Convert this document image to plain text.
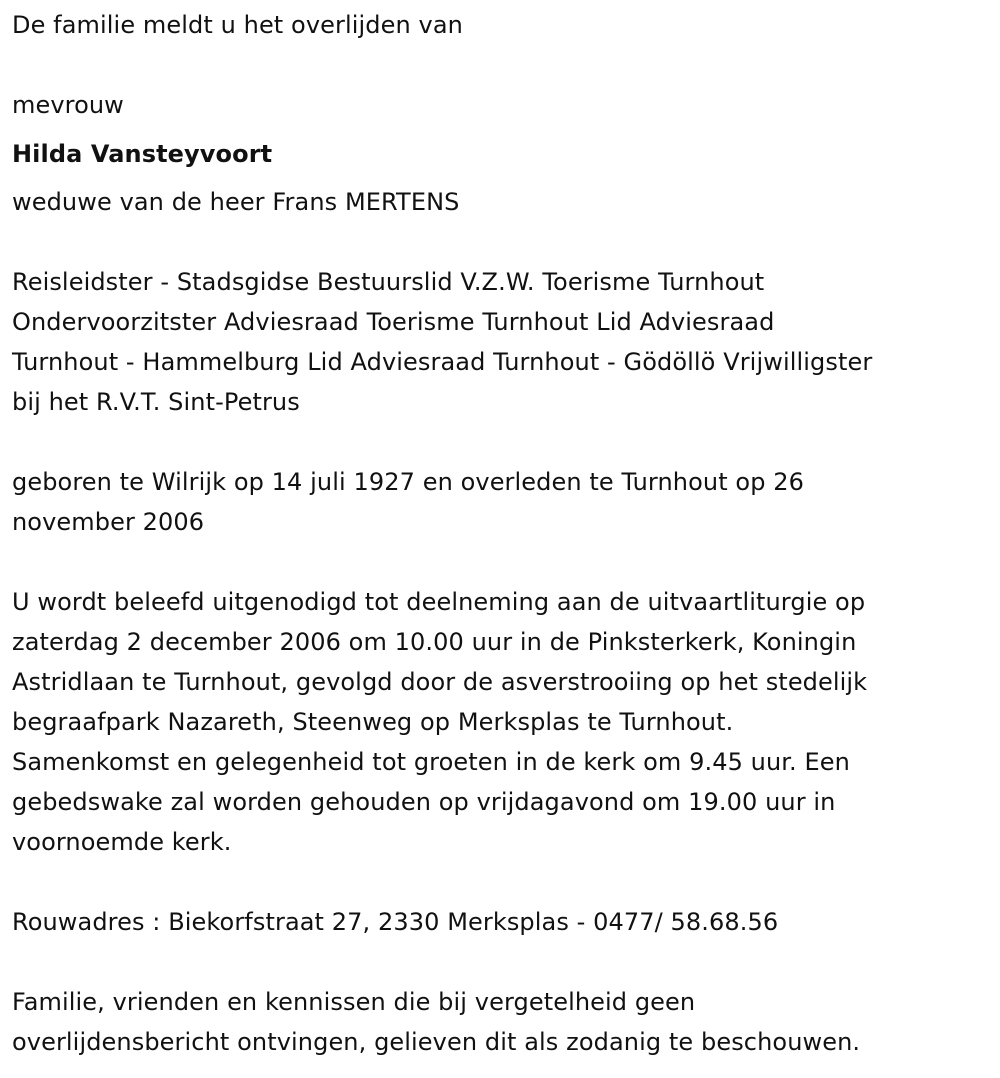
De familie meldt u het overlijden van
mevrouw
Hilda Vansteyvoort
weduwe van de heer Frans MERTENS
Reisleidster - Stadsgidse Bestuurslid V.Z.W. Toerisme Turnhout
Ondervoorzitster Adviesraad Toerisme Turnhout Lid Adviesraad
Turnhout - Hammelburg Lid Adviesraad Turnhout - Gödöllö Vrijwilligster
bij het R.V.T. Sint-Petrus
geboren te Wilrijk op 14 juli 1927 en overleden te Turnhout op 26
november 2006
U wordt beleefd uitgenodigd tot deelneming aan de uitvaartliturgie op
zaterdag 2 december 2006 om 10.00 uur in de Pinksterkerk, Koningin
Astridlaan te Turnhout, gevolgd door de asverstrooiing op het stedelijk
begraafpark Nazareth, Steenweg op Merksplas te Turnhout.
Samenkomst en gelegenheid tot groeten in de kerk om 9.45 uur. Een
gebedswake zal worden gehouden op vrijdagavond om 19.00 uur in
voornoemde kerk.
Rouwadres : Biekorfstraat 27, 2330 Merksplas - 0477/ 58.68.56
Familie, vrienden en kennissen die bij vergetelheid geen
overlijdensbericht ontvingen, gelieven dit als zodanig te beschouwen.
